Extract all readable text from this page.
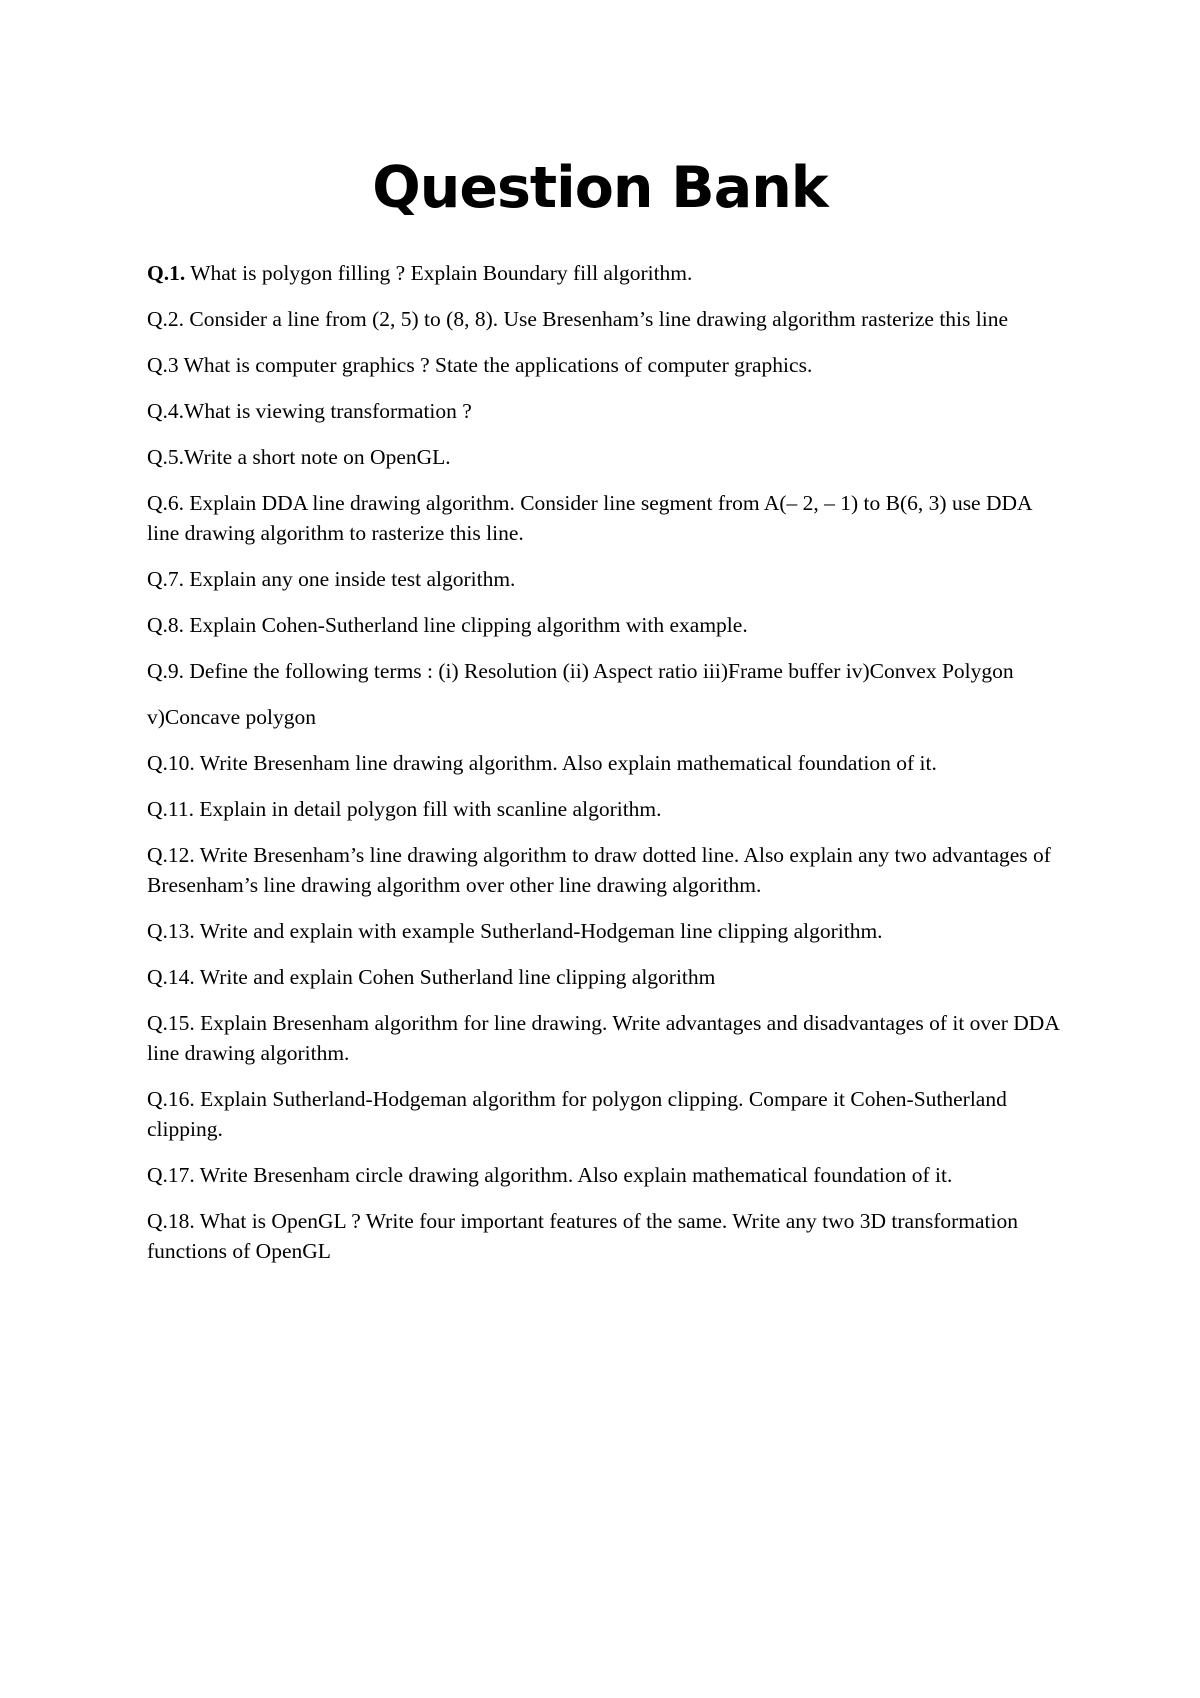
Question Bank
Q.1. What is polygon filling ? Explain Boundary fill algorithm.
Q.2. Consider a line from (2, 5) to (8, 8). Use Bresenham’s line drawing algorithm rasterize this line
Q.3 What is computer graphics ? State the applications of computer graphics.
Q.4.What is viewing transformation ?
Q.5.Write a short note on OpenGL.
Q.6. Explain DDA line drawing algorithm. Consider line segment from A(– 2, – 1) to B(6, 3) use DDA line drawing algorithm to rasterize this line.
Q.7. Explain any one inside test algorithm.
Q.8. Explain Cohen-Sutherland line clipping algorithm with example.
Q.9. Define the following terms : (i) Resolution (ii) Aspect ratio iii)Frame buffer iv)Convex Polygon
v)Concave polygon
Q.10. Write Bresenham line drawing algorithm. Also explain mathematical foundation of it.
Q.11. Explain in detail polygon fill with scanline algorithm.
Q.12. Write Bresenham’s line drawing algorithm to draw dotted line. Also explain any two advantages of Bresenham’s line drawing algorithm over other line drawing algorithm.
Q.13. Write and explain with example Sutherland-Hodgeman line clipping algorithm.
Q.14. Write and explain Cohen Sutherland line clipping algorithm
Q.15. Explain Bresenham algorithm for line drawing. Write advantages and disadvantages of it over DDA line drawing algorithm.
Q.16. Explain Sutherland-Hodgeman algorithm for polygon clipping. Compare it Cohen-Sutherland clipping.
Q.17. Write Bresenham circle drawing algorithm. Also explain mathematical foundation of it.
Q.18. What is OpenGL ? Write four important features of the same. Write any two 3D transformation functions of OpenGL
